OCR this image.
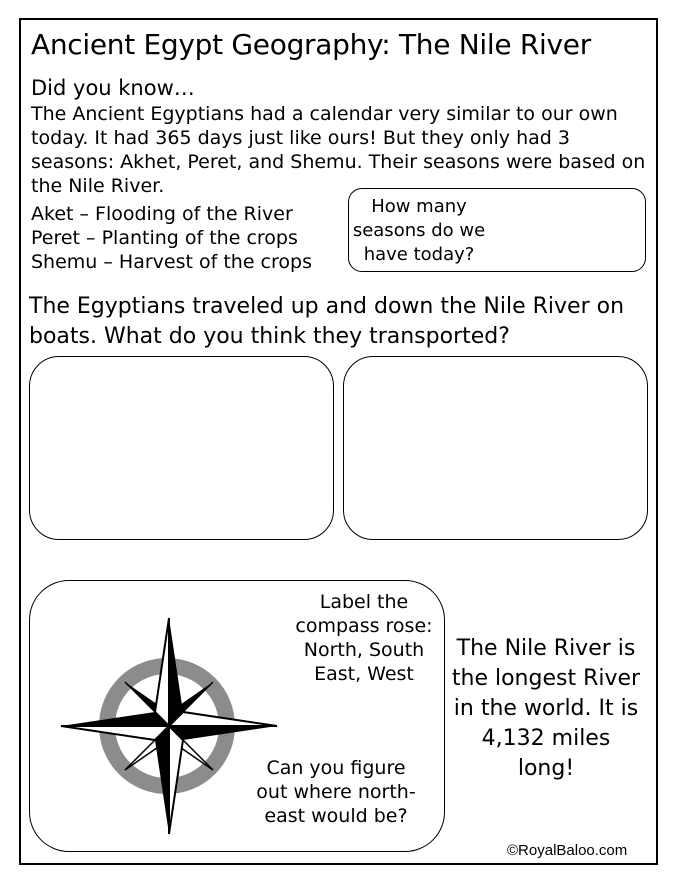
Ancient Egypt Geography: The Nile River
Did you know…

The Ancient Egyptians had a calendar very similar to our own today. It had 365 days just like ours! But they only had 3 seasons: Akhet, Peret, and Shemu. Their seasons were based on the Nile River.

Aket – Flooding of the River
Peret – Planting of the crops
Shemu – Harvest of the crops
How many seasons do we have today?

The Egyptians traveled up and down the Nile River on boats. What do you think they transported?

Label the compass rose: North, South East, West
Can you figure out where north-east would be?
The Nile River is the longest River in the world. It is 4,132 miles long!
©RoyalBaloo.com
